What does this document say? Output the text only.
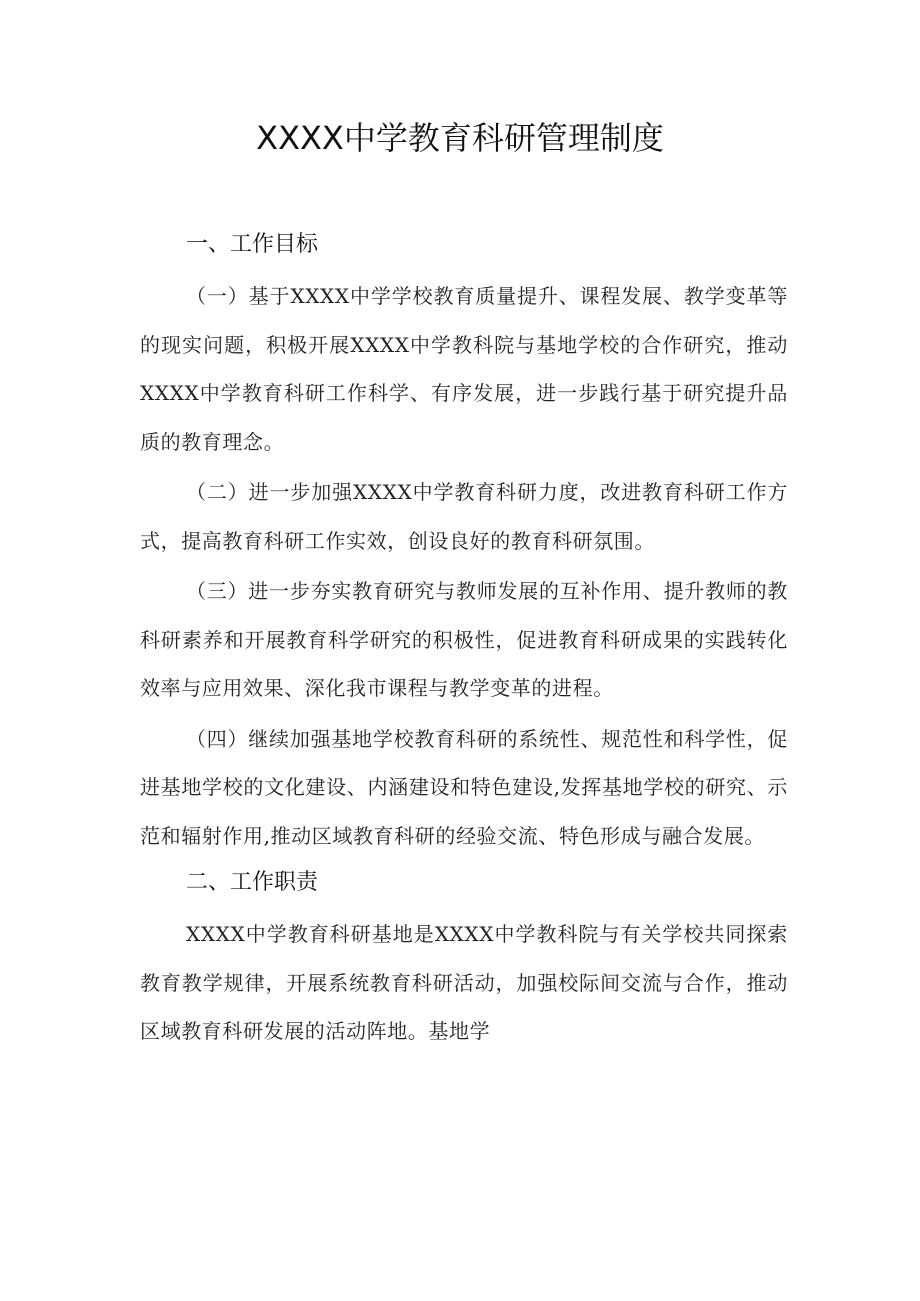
XXXX中学教育科研管理制度
一、工作目标

（一）基于XXXX中学学校教育质量提升、课程发展、教学变革等的现实问题，积极开展XXXX中学教科院与基地学校的合作研究，推动XXXX中学教育科研工作科学、有序发展，进一步践行基于研究提升品质的教育理念。

（二）进一步加强XXXX中学教育科研力度，改进教育科研工作方式，提高教育科研工作实效，创设良好的教育科研氛围。

（三）进一步夯实教育研究与教师发展的互补作用、提升教师的教科研素养和开展教育科学研究的积极性，促进教育科研成果的实践转化效率与应用效果、深化我市课程与教学变革的进程。

（四）继续加强基地学校教育科研的系统性、规范性和科学性，促进基地学校的文化建设、内涵建设和特色建设,发挥基地学校的研究、示范和辐射作用,推动区域教育科研的经验交流、特色形成与融合发展。

二、工作职责

XXXX中学教育科研基地是XXXX中学教科院与有关学校共同探索教育教学规律，开展系统教育科研活动，加强校际间交流与合作，推动区域教育科研发展的活动阵地。基地学
